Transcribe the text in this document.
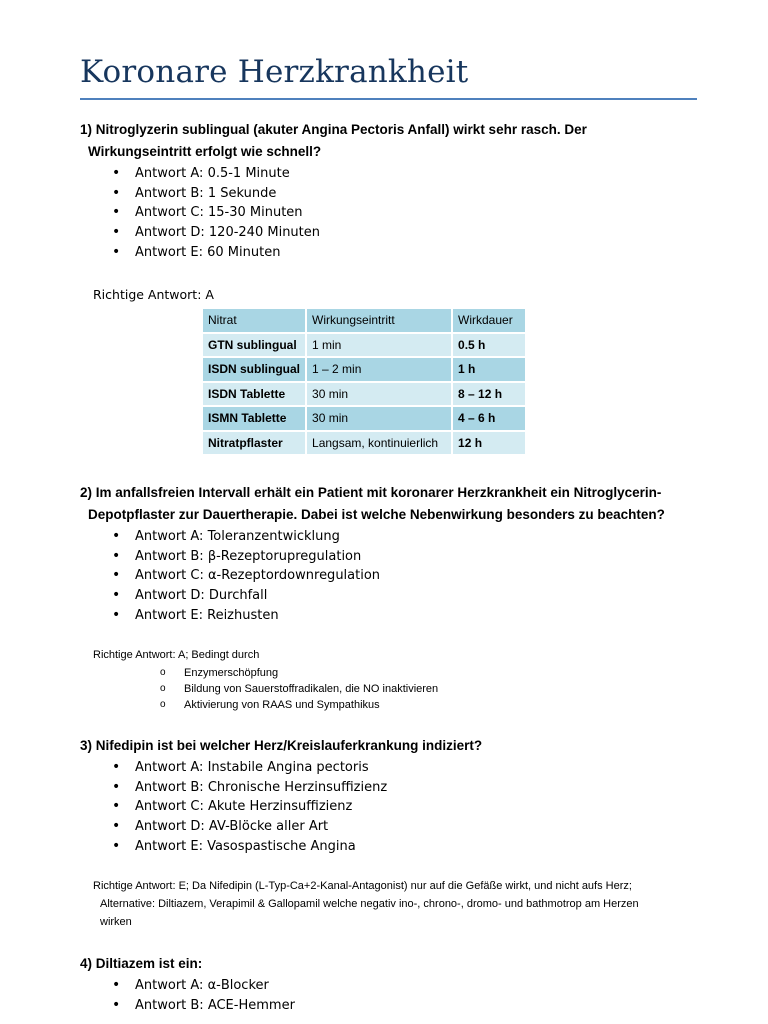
Koronare Herzkrankheit
1) Nitroglyzerin sublingual (akuter Angina Pectoris Anfall) wirkt sehr rasch. Der
Wirkungseintritt erfolgt wie schnell?
• Antwort A: 0.5-1 Minute
• Antwort B: 1 Sekunde
• Antwort C: 15-30 Minuten
• Antwort D: 120-240 Minuten
• Antwort E: 60 Minuten
Richtige Antwort: A
Nitrat	Wirkungseintritt	Wirkdauer
GTN sublingual	1 min	0.5 h
ISDN sublingual	1 – 2 min	1 h
ISDN Tablette	30 min	8 – 12 h
ISMN Tablette	30 min	4 – 6 h
Nitratpflaster	Langsam, kontinuierlich	12 h
2) Im anfallsfreien Intervall erhält ein Patient mit koronarer Herzkrankheit ein Nitroglycerin-
Depotpflaster zur Dauertherapie. Dabei ist welche Nebenwirkung besonders zu beachten?
• Antwort A: Toleranzentwicklung
• Antwort B: β-Rezeptorupregulation
• Antwort C: α-Rezeptordownregulation
• Antwort D: Durchfall
• Antwort E: Reizhusten
Richtige Antwort: A; Bedingt durch
o Enzymerschöpfung
o Bildung von Sauerstoffradikalen, die NO inaktivieren
o Aktivierung von RAAS und Sympathikus
3) Nifedipin ist bei welcher Herz/Kreislauferkrankung indiziert?
• Antwort A: Instabile Angina pectoris
• Antwort B: Chronische Herzinsuffizienz
• Antwort C: Akute Herzinsuffizienz
• Antwort D: AV-Blöcke aller Art
• Antwort E: Vasospastische Angina
Richtige Antwort: E; Da Nifedipin (L-Typ-Ca+2-Kanal-Antagonist) nur auf die Gefäße wirkt, und nicht aufs Herz;
Alternative: Diltiazem, Verapimil & Gallopamil welche negativ ino-, chrono-, dromo- und bathmotrop am Herzen
wirken
4) Diltiazem ist ein:
• Antwort A: α-Blocker
• Antwort B: ACE-Hemmer
